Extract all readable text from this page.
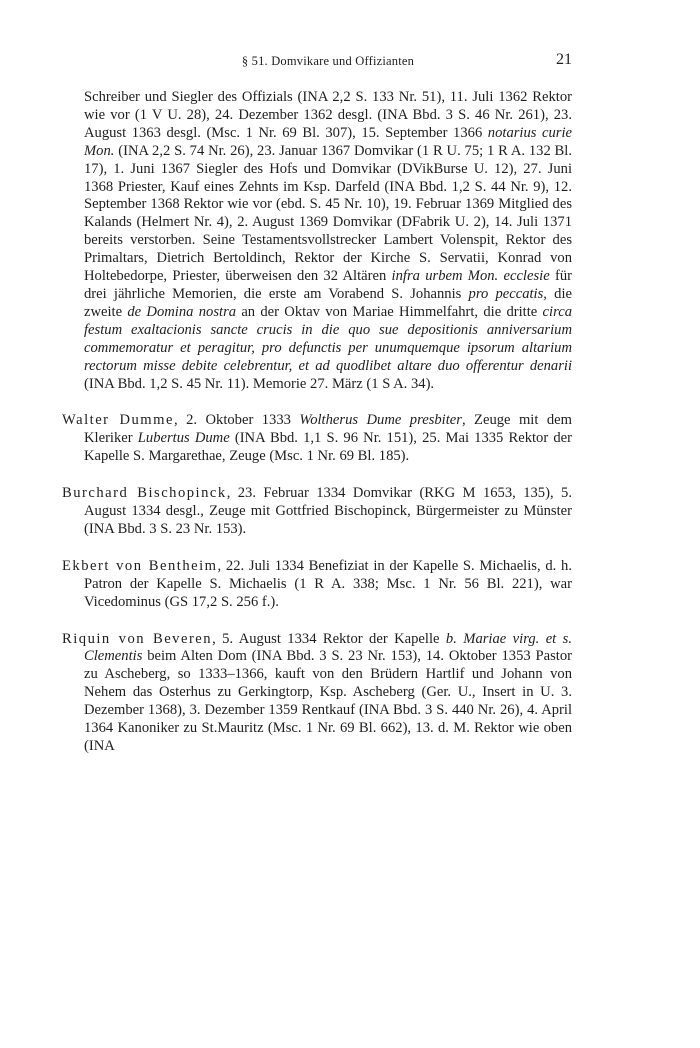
§ 51. Domvikare und Offizianten	21

Schreiber und Siegler des Offizials (INA 2,2 S. 133 Nr. 51), 11. Juli 1362 Rektor wie vor (1 V U. 28), 24. Dezember 1362 desgl. (INA Bbd. 3 S. 46 Nr. 261), 23. August 1363 desgl. (Msc. 1 Nr. 69 Bl. 307), 15. September 1366 notarius curie Mon. (INA 2,2 S. 74 Nr. 26), 23. Januar 1367 Domvikar (1 R U. 75; 1 R A. 132 Bl. 17), 1. Juni 1367 Siegler des Hofs und Domvikar (DVikBurse U. 12), 27. Juni 1368 Priester, Kauf eines Zehnts im Ksp. Darfeld (INA Bbd. 1,2 S. 44 Nr. 9), 12. September 1368 Rektor wie vor (ebd. S. 45 Nr. 10), 19. Februar 1369 Mitglied des Kalands (Helmert Nr. 4), 2. August 1369 Domvikar (DFabrik U. 2), 14. Juli 1371 bereits verstorben. Seine Testamentsvollstrecker Lambert Volenspit, Rektor des Primaltars, Dietrich Bertoldinch, Rektor der Kirche S. Servatii, Konrad von Holtebedorpe, Priester, überweisen den 32 Altären infra urbem Mon. ecclesie für drei jährliche Memorien, die erste am Vorabend S. Johannis pro peccatis, die zweite de Domina nostra an der Oktav von Mariae Himmelfahrt, die dritte circa festum exaltacionis sancte crucis in die quo sue depositionis anniversarium commemoratur et peragitur, pro defunctis per unumquemque ipsorum altarium rectorum misse debite celebrentur, et ad quodlibet altare duo offerentur denarii (INA Bbd. 1,2 S. 45 Nr. 11). Memorie 27. März (1 S A. 34).

Walter Dumme, 2. Oktober 1333 Woltherus Dume presbiter, Zeuge mit dem Kleriker Lubertus Dume (INA Bbd. 1,1 S. 96 Nr. 151), 25. Mai 1335 Rektor der Kapelle S. Margarethae, Zeuge (Msc. 1 Nr. 69 Bl. 185).

Burchard Bischopinck, 23. Februar 1334 Domvikar (RKG M 1653, 135), 5. August 1334 desgl., Zeuge mit Gottfried Bischopinck, Bürgermeister zu Münster (INA Bbd. 3 S. 23 Nr. 153).

Ekbert von Bentheim, 22. Juli 1334 Benefiziat in der Kapelle S. Michaelis, d. h. Patron der Kapelle S. Michaelis (1 R A. 338; Msc. 1 Nr. 56 Bl. 221), war Vicedominus (GS 17,2 S. 256 f.).

Riquin von Beveren, 5. August 1334 Rektor der Kapelle b. Mariae virg. et s. Clementis beim Alten Dom (INA Bbd. 3 S. 23 Nr. 153), 14. Oktober 1353 Pastor zu Ascheberg, so 1333–1366, kauft von den Brüdern Hartlif und Johann von Nehem das Osterhus zu Gerkingtorp, Ksp. Ascheberg (Ger. U., Insert in U. 3. Dezember 1368), 3. Dezember 1359 Rentkauf (INA Bbd. 3 S. 440 Nr. 26), 4. April 1364 Kanoniker zu St.Mauritz (Msc. 1 Nr. 69 Bl. 662), 13. d. M. Rektor wie oben (INA
